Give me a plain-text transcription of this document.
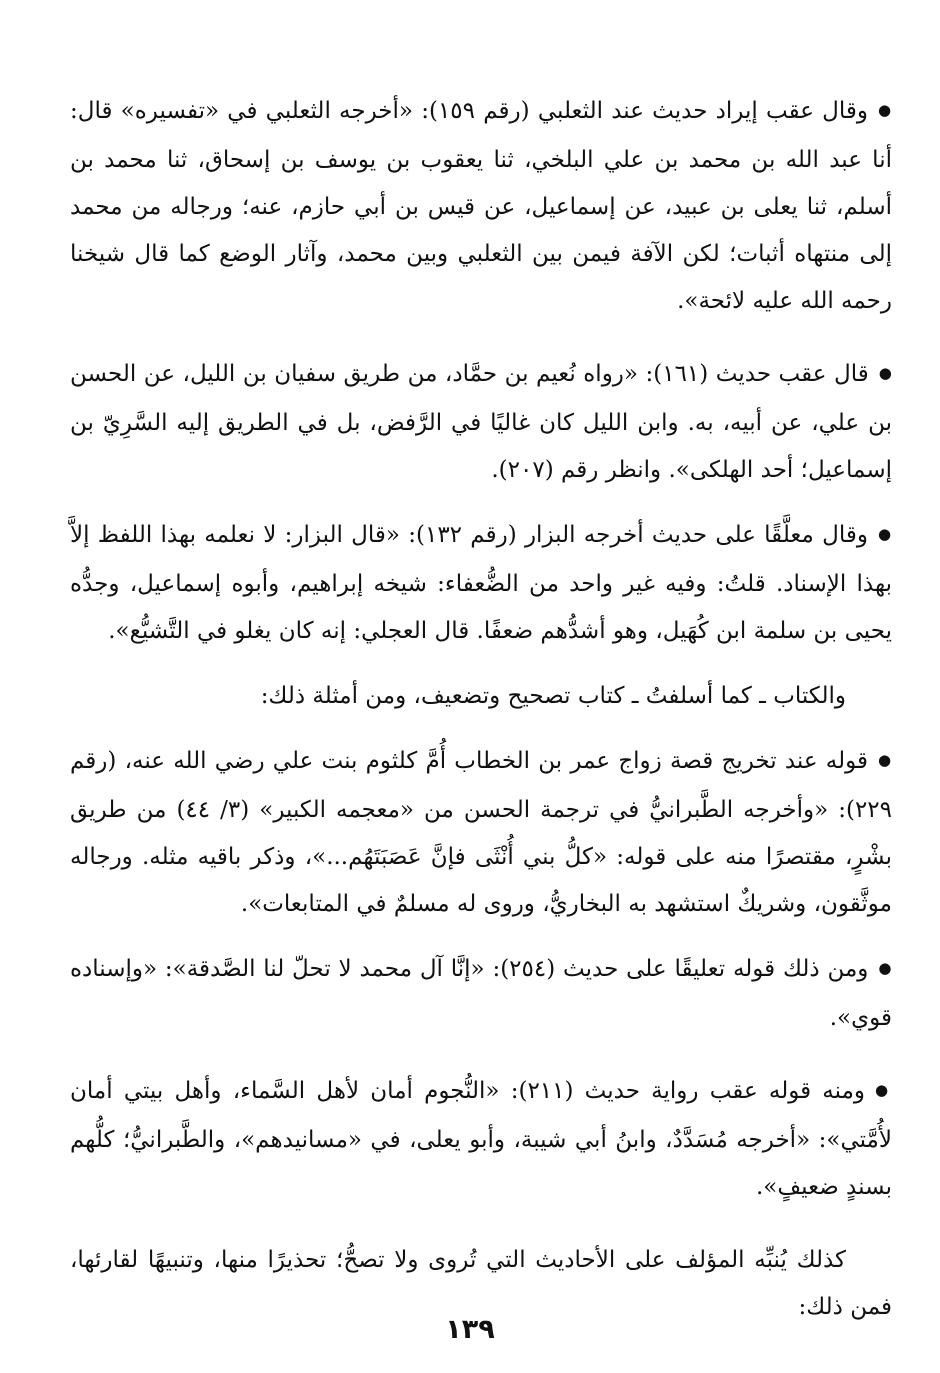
● وقال عقب إيراد حديث عند الثعلبي (رقم ١٥٩): «أخرجه الثعلبي في «تفسيره» قال: أنا عبد الله بن محمد بن علي البلخي، ثنا يعقوب بن يوسف بن إسحاق، ثنا محمد بن أسلم، ثنا يعلى بن عبيد، عن إسماعيل، عن قيس بن أبي حازم، عنه؛ ورجاله من محمد إلى منتهاه أثبات؛ لكن الآفة فيمن بين الثعلبي وبين محمد، وآثار الوضع كما قال شيخنا رحمه الله عليه لائحة».

● قال عقب حديث (١٦١): «رواه نُعيم بن حمَّاد، من طريق سفيان بن الليل، عن الحسن بن علي، عن أبيه، به. وابن الليل كان غاليًا في الرَّفض، بل في الطريق إليه السَّرِيّ بن إسماعيل؛ أحد الهلكى». وانظر رقم (٢٠٧).

● وقال معلَّقًا على حديث أخرجه البزار (رقم ١٣٢): «قال البزار: لا نعلمه بهذا اللفظ إلاَّ بهذا الإسناد. قلتُ: وفيه غير واحد من الضُّعفاء: شيخه إبراهيم، وأبوه إسماعيل، وجدُّه يحيى بن سلمة ابن كُهَيل، وهو أشدُّهم ضعفًا. قال العجلي: إنه كان يغلو في التَّشيُّع».

والكتاب ـ كما أسلفتُ ـ كتاب تصحيح وتضعيف، ومن أمثلة ذلك:

● قوله عند تخريج قصة زواج عمر بن الخطاب أُمَّ كلثوم بنت علي رضي الله عنه، (رقم ٢٢٩): «وأخرجه الطَّبرانيُّ في ترجمة الحسن من «معجمه الكبير» (٣/ ٤٤) من طريق بشْرٍ، مقتصرًا منه على قوله: «كلُّ بني أُنْثَى فإنَّ عَصَبَتَهُم...»، وذكر باقيه مثله. ورجاله موثَّقون، وشريكٌ استشهد به البخاريُّ، وروى له مسلمٌ في المتابعات».

● ومن ذلك قوله تعليقًا على حديث (٢٥٤): «إنَّا آل محمد لا تحلّ لنا الصَّدقة»: «وإسناده قوي».

● ومنه قوله عقب رواية حديث (٢١١): «النُّجوم أمان لأهل السَّماء، وأهل بيتي أمان لأُمَّتي»: «أخرجه مُسَدَّدٌ، وابنُ أبي شيبة، وأبو يعلى، في «مسانيدهم»، والطَّبرانيُّ؛ كلُّهم بسندٍ ضعيفٍ».

كذلك يُنبِّه المؤلف على الأحاديث التي تُروى ولا تصحُّ؛ تحذيرًا منها، وتنبيهًا لقارئها، فمن ذلك:

١٣٩
